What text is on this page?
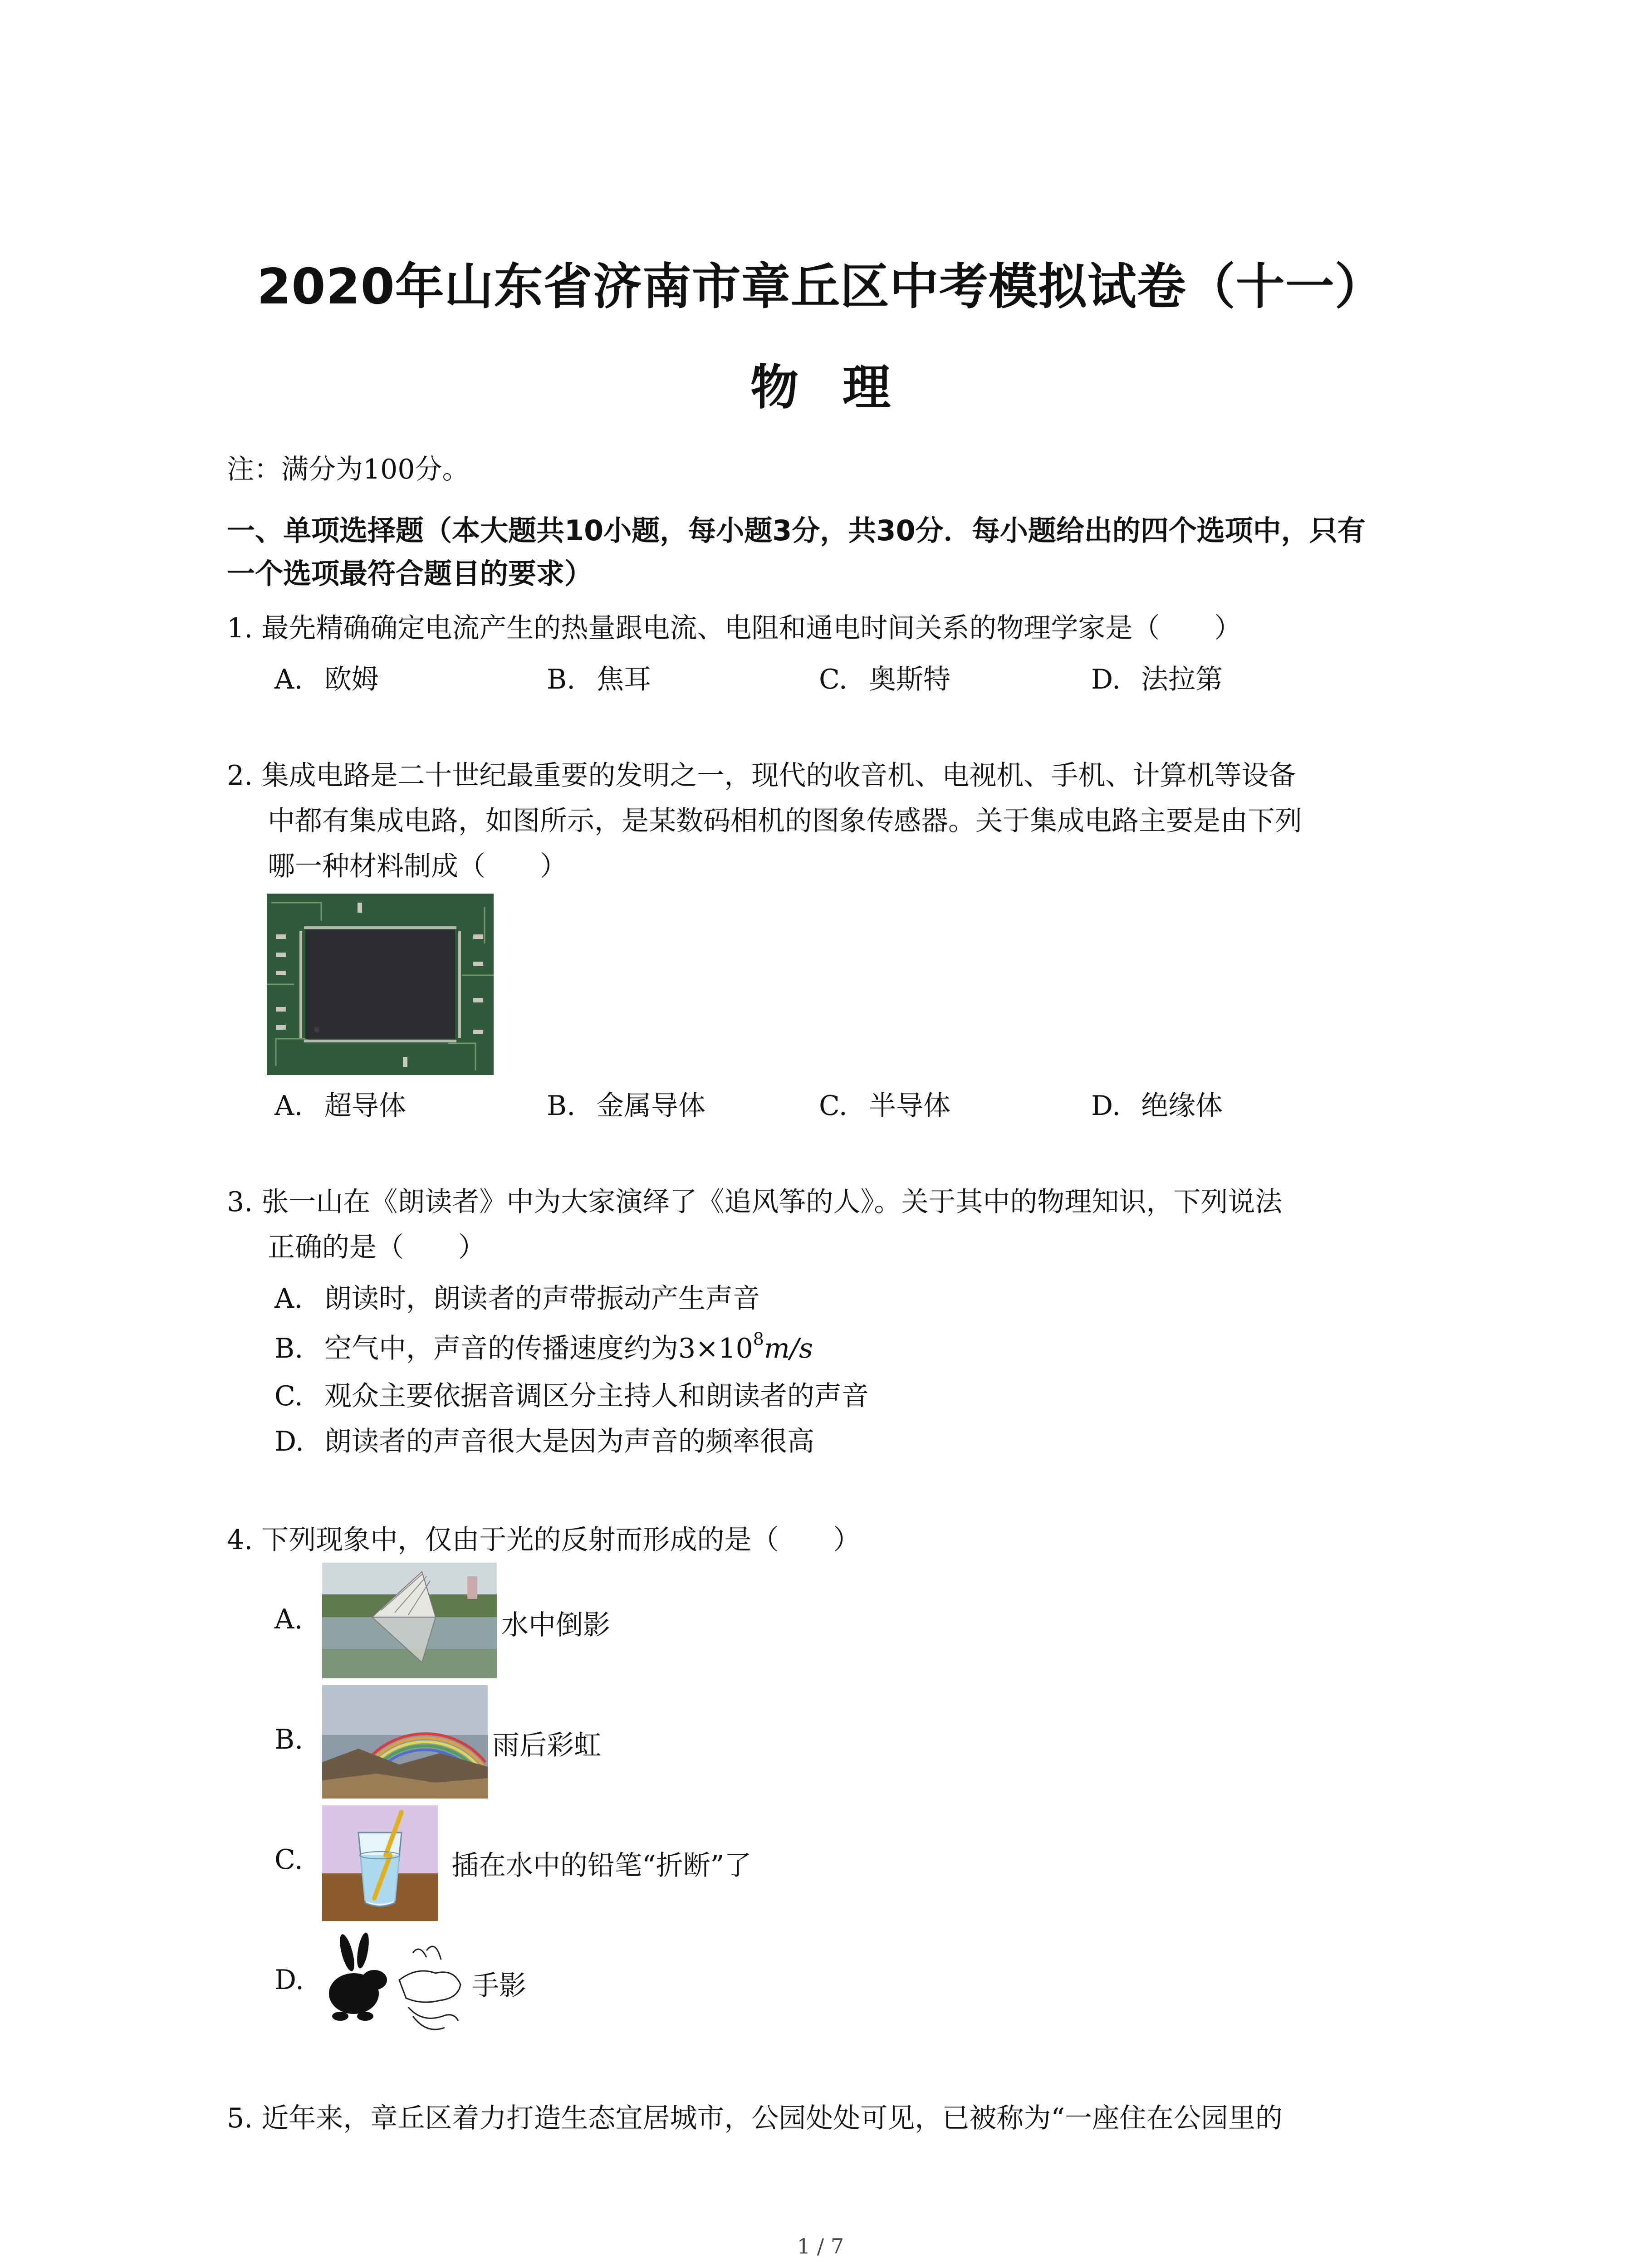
2020年山东省济南市章丘区中考模拟试卷（十一）
物 理
注：满分为100分。
一、单项选择题（本大题共10小题，每小题3分，共30分．每小题给出的四个选项中，只有
一个选项最符合题目的要求）
1. 最先精确确定电流产生的热量跟电流、电阻和通电时间关系的物理学家是（　　）
A. 欧姆	B. 焦耳	C. 奥斯特	D. 法拉第
2. 集成电路是二十世纪最重要的发明之一，现代的收音机、电视机、手机、计算机等设备
中都有集成电路，如图所示，是某数码相机的图象传感器。关于集成电路主要是由下列
哪一种材料制成（　　）
A. 超导体	B. 金属导体	C. 半导体	D. 绝缘体
3. 张一山在《朗读者》中为大家演绎了《追风筝的人》。关于其中的物理知识，下列说法
正确的是（　　）
A. 朗读时，朗读者的声带振动产生声音
B. 空气中，声音的传播速度约为$3\times 10^8m/s$
C. 观众主要依据音调区分主持人和朗读者的声音
D. 朗读者的声音很大是因为声音的频率很高
4. 下列现象中，仅由于光的反射而形成的是（　　）
A.	水中倒影
B.	雨后彩虹
C.	插在水中的铅笔“折断”了
D.	手影
5. 近年来，章丘区着力打造生态宜居城市，公园处处可见，已被称为“一座住在公园里的
1 / 7
